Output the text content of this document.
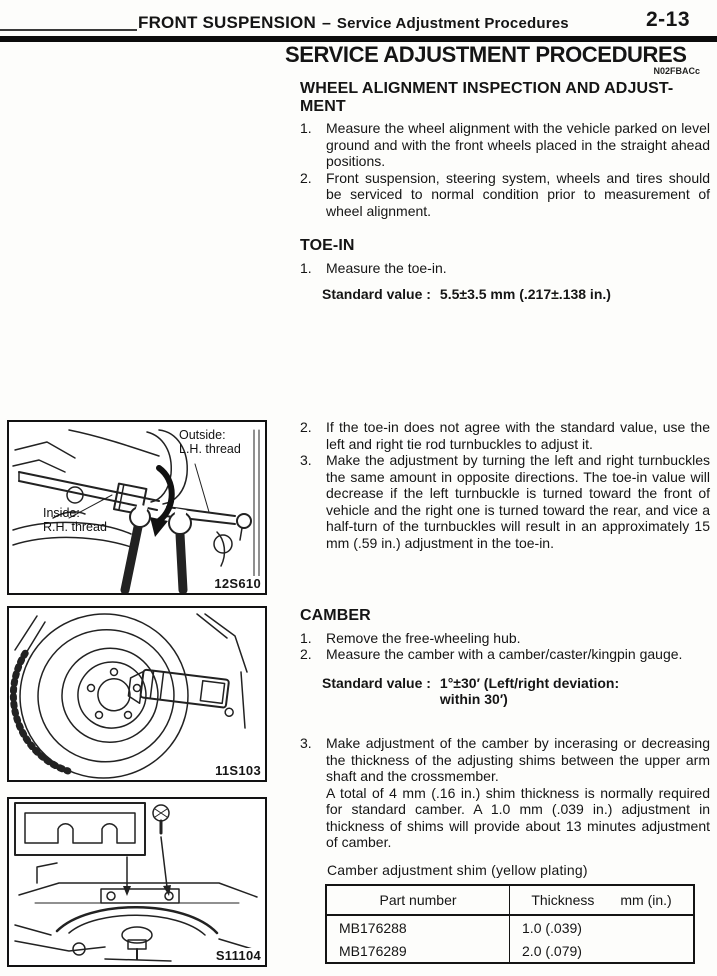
FRONT SUSPENSION – Service Adjustment Procedures	2-13
SERVICE ADJUSTMENT PROCEDURES
N02FBACc
WHEEL ALIGNMENT INSPECTION AND ADJUST-
MENT
1.	Measure the wheel alignment with the vehicle parked on level ground and with the front wheels placed in the straight ahead positions.
2.	Front suspension, steering system, wheels and tires should be serviced to normal condition prior to measurement of wheel alignment.
TOE-IN
1.	Measure the toe-in.
Standard value : 5.5±3.5 mm (.217±.138 in.)
2.	If the toe-in does not agree with the standard value, use the left and right tie rod turnbuckles to adjust it.
3.	Make the adjustment by turning the left and right turnbuckles the same amount in opposite directions. The toe-in value will decrease if the left turnbuckle is turned toward the front of vehicle and the right one is turned toward the rear, and vice a half-turn of the turnbuckles will result in an approximately 15 mm (.59 in.) adjustment in the toe-in.
CAMBER
1.	Remove the free-wheeling hub.
2.	Measure the camber with a camber/caster/kingpin gauge.
Standard value : 1°±30′ (Left/right deviation:
within 30′)
3.	Make adjustment of the camber by incerasing or decreasing the thickness of the adjusting shims between the upper arm shaft and the crossmember.
A total of 4 mm (.16 in.) shim thickness is normally required for standard camber. A 1.0 mm (.039 in.) adjustment in thickness of shims will provide about 13 minutes adjustment of camber.
Camber adjustment shim (yellow plating)
Part number	Thickness mm (in.)

MB176288	1.0 (.039)
MB176289	2.0 (.079)
Outside:
L.H. thread
Inside:
R.H. thread
12S610
11S103
S11104
